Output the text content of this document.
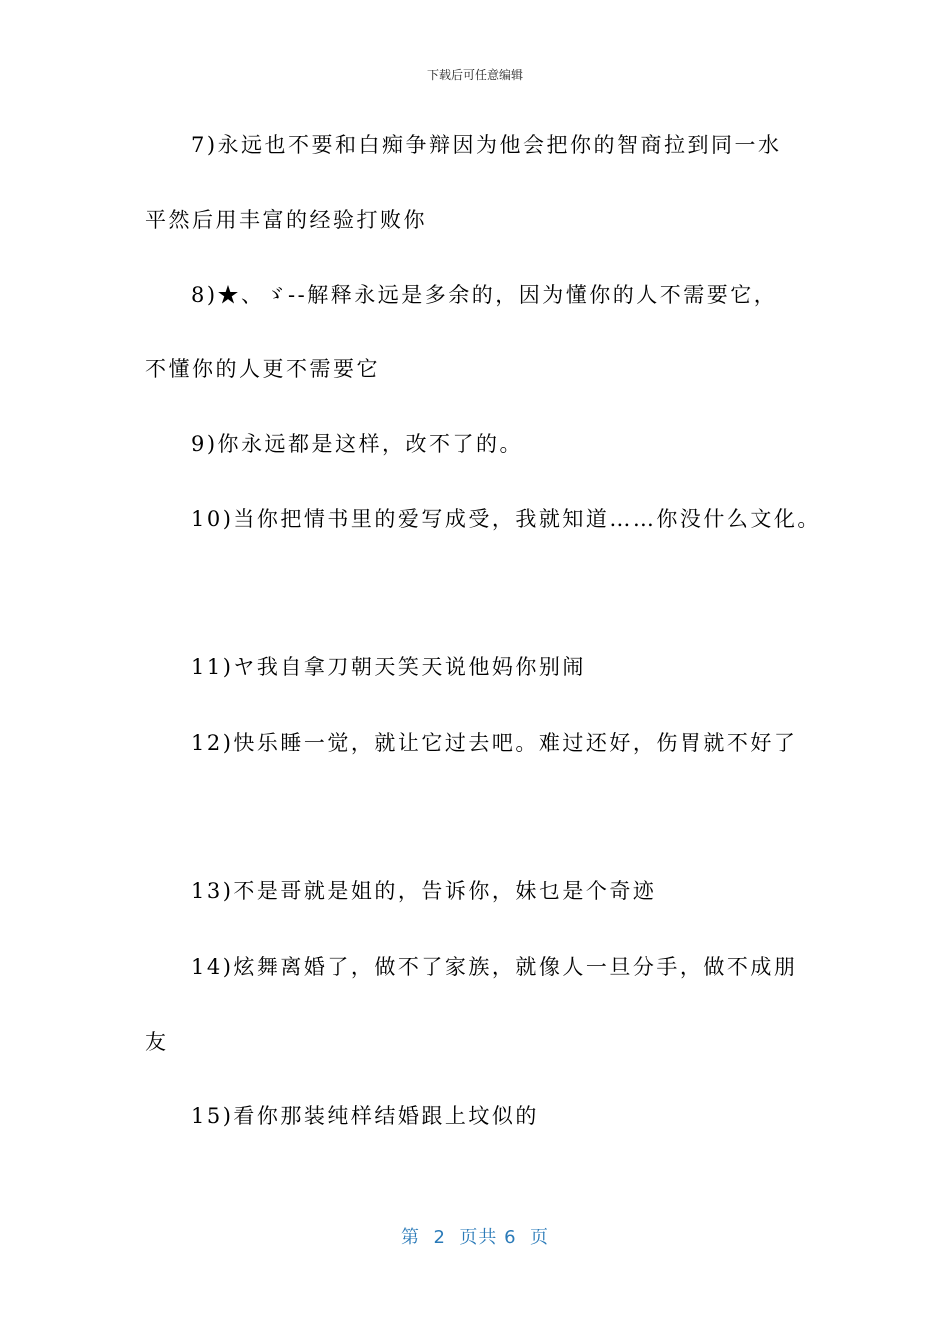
下载后可任意编辑
7)永远也不要和白痴争辩因为他会把你的智商拉到同一水
平然后用丰富的经验打败你
8)★、ゞ--解释永远是多余的，因为懂你的人不需要它，
不懂你的人更不需要它
9)你永远都是这样，改不了的。
10)当你把情书里的爱写成受，我就知道……你没什么文化。
11)ヤ我自拿刀朝天笑天说他妈你别闹
12)快乐睡一觉，就让它过去吧。难过还好，伤胃就不好了
13)不是哥就是姐的，告诉你，妹乜是个奇迹
14)炫舞离婚了，做不了家族，就像人一旦分手，做不成朋
友
15)看你那装纯样结婚跟上坟似的
第  2  页共 6  页
